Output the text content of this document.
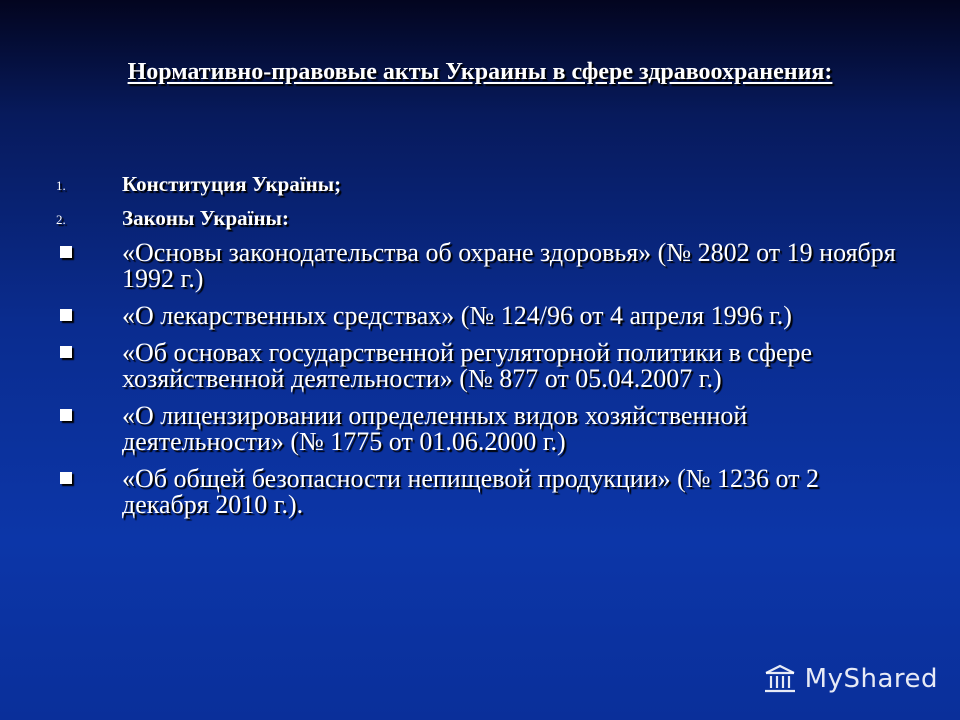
Нормативно-правовые акты Украины в сфере здравоохранения:
1.	Конституция Україны;
2.	Законы Україны:
«Основы законодательства об охране здоровья» (№ 2802 от 19 ноября 1992 г.)
«О лекарственных средствах» (№ 124/96 от 4 апреля 1996 г.)
«Об основах государственной регуляторной политики в сфере хозяйственной деятельности» (№ 877 от 05.04.2007 г.)
«О лицензировании определенных видов хозяйственной деятельности» (№ 1775 от 01.06.2000 г.)
«Об общей безопасности непищевой продукции» (№ 1236 от 2 декабря 2010 г.).
MyShared
